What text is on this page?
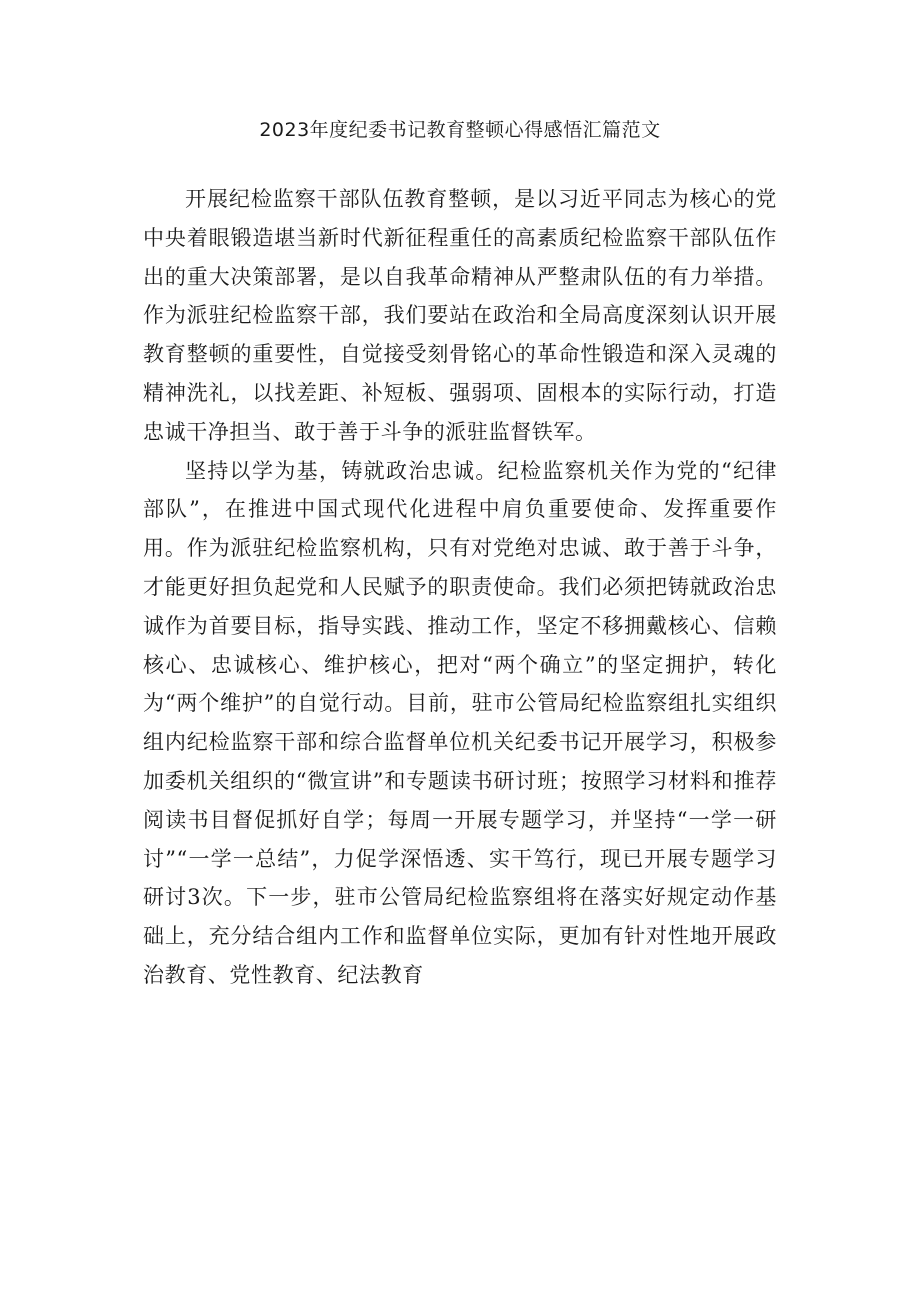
2023年度纪委书记教育整顿心得感悟汇篇范文

开展纪检监察干部队伍教育整顿，是以习近平同志为核心的党中央着眼锻造堪当新时代新征程重任的高素质纪检监察干部队伍作出的重大决策部署，是以自我革命精神从严整肃队伍的有力举措。作为派驻纪检监察干部，我们要站在政治和全局高度深刻认识开展教育整顿的重要性，自觉接受刻骨铭心的革命性锻造和深入灵魂的精神洗礼，以找差距、补短板、强弱项、固根本的实际行动，打造忠诚干净担当、敢于善于斗争的派驻监督铁军。

坚持以学为基，铸就政治忠诚。纪检监察机关作为党的“纪律部队”，在推进中国式现代化进程中肩负重要使命、发挥重要作用。作为派驻纪检监察机构，只有对党绝对忠诚、敢于善于斗争，才能更好担负起党和人民赋予的职责使命。我们必须把铸就政治忠诚作为首要目标，指导实践、推动工作，坚定不移拥戴核心、信赖核心、忠诚核心、维护核心，把对“两个确立”的坚定拥护，转化为“两个维护”的自觉行动。目前，驻市公管局纪检监察组扎实组织组内纪检监察干部和综合监督单位机关纪委书记开展学习，积极参加委机关组织的“微宣讲”和专题读书研讨班；按照学习材料和推荐阅读书目督促抓好自学；每周一开展专题学习，并坚持“一学一研讨”“一学一总结”，力促学深悟透、实干笃行，现已开展专题学习研讨3次。下一步，驻市公管局纪检监察组将在落实好规定动作基础上，充分结合组内工作和监督单位实际，更加有针对性地开展政治教育、党性教育、纪法教育
